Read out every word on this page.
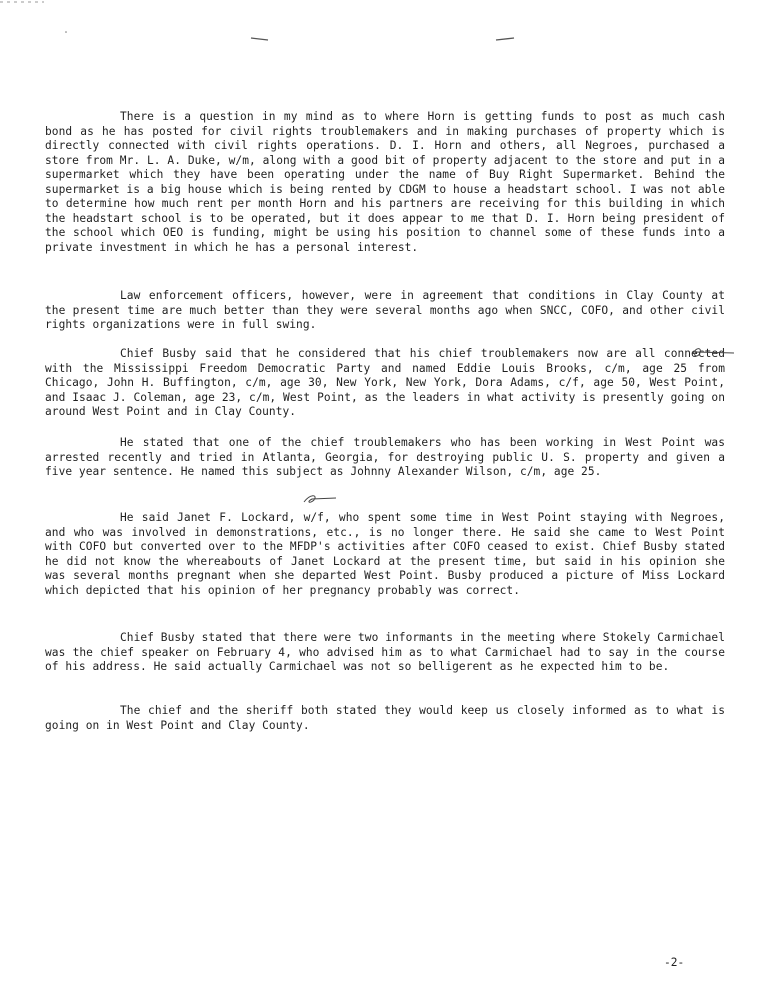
There is a question in my mind as to where Horn is getting funds to post as much cash bond as he has posted for civil rights troublemakers and in making purchases of property which is directly connected with civil rights operations. D. I. Horn and others, all Negroes, purchased a store from Mr. L. A. Duke, w/m, along with a good bit of property adjacent to the store and put in a supermarket which they have been operating under the name of Buy Right Supermarket. Behind the supermarket is a big house which is being rented by CDGM to house a headstart school. I was not able to determine how much rent per month Horn and his partners are receiving for this building in which the headstart school is to be operated, but it does appear to me that D. I. Horn being president of the school which OEO is funding, might be using his position to channel some of these funds into a private investment in which he has a personal interest.
Law enforcement officers, however, were in agreement that conditions in Clay County at the present time are much better than they were several months ago when SNCC, COFO, and other civil rights organizations were in full swing.
Chief Busby said that he considered that his chief troublemakers now are all connected with the Mississippi Freedom Democratic Party and named Eddie Louis Brooks, c/m, age 25 from Chicago, John H. Buffington, c/m, age 30, New York, New York, Dora Adams, c/f, age 50, West Point, and Isaac J. Coleman, age 23, c/m, West Point, as the leaders in what activity is presently going on around West Point and in Clay County.
He stated that one of the chief troublemakers who has been working in West Point was arrested recently and tried in Atlanta, Georgia, for destroying public U. S. property and given a five year sentence. He named this subject as Johnny Alexander Wilson, c/m, age 25.
He said Janet F. Lockard, w/f, who spent some time in West Point staying with Negroes, and who was involved in demonstrations, etc., is no longer there. He said she came to West Point with COFO but converted over to the MFDP's activities after COFO ceased to exist. Chief Busby stated he did not know the whereabouts of Janet Lockard at the present time, but said in his opinion she was several months pregnant when she departed West Point. Busby produced a picture of Miss Lockard which depicted that his opinion of her pregnancy probably was correct.
Chief Busby stated that there were two informants in the meeting where Stokely Carmichael was the chief speaker on February 4, who advised him as to what Carmichael had to say in the course of his address. He said actually Carmichael was not so belligerent as he expected him to be.
The chief and the sheriff both stated they would keep us closely informed as to what is going on in West Point and Clay County.
-2-
